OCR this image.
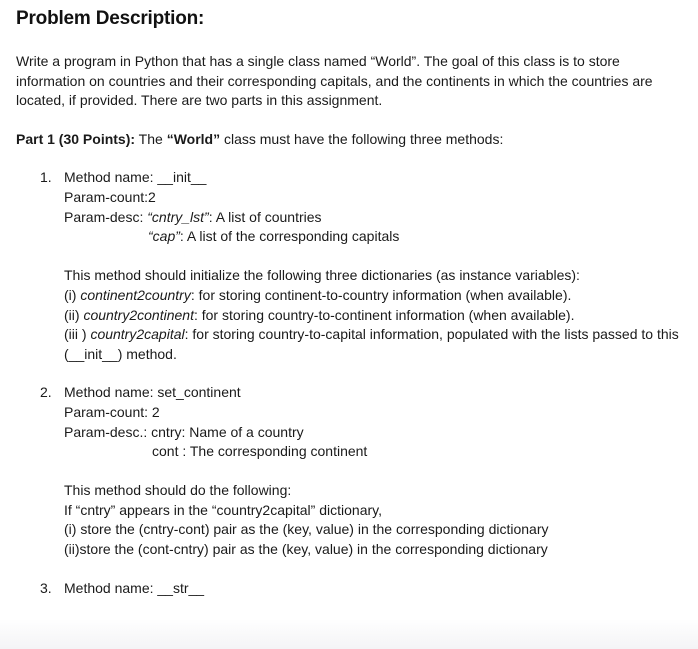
Problem Description:

Write a program in Python that has a single class named “World”. The goal of this class is to store information on countries and their corresponding capitals, and the continents in which the countries are located, if provided. There are two parts in this assignment.

Part 1 (30 Points): The “World” class must have the following three methods:

1. Method name: __init__
Param-count:2
Param-desc: “cntry_lst”: A list of countries
“cap”: A list of the corresponding capitals
This method should initialize the following three dictionaries (as instance variables):
(i) continent2country: for storing continent-to-country information (when available).
(ii) country2continent: for storing country-to-continent information (when available).
(iii ) country2capital: for storing country-to-capital information, populated with the lists passed to this (__init__) method.
2. Method name: set_continent
Param-count: 2
Param-desc.: cntry: Name of a country
cont : The corresponding continent
This method should do the following:
If “cntry” appears in the “country2capital” dictionary,
(i) store the (cntry-cont) pair as the (key, value) in the corresponding dictionary
(ii)store the (cont-cntry) pair as the (key, value) in the corresponding dictionary
3. Method name: __str__
